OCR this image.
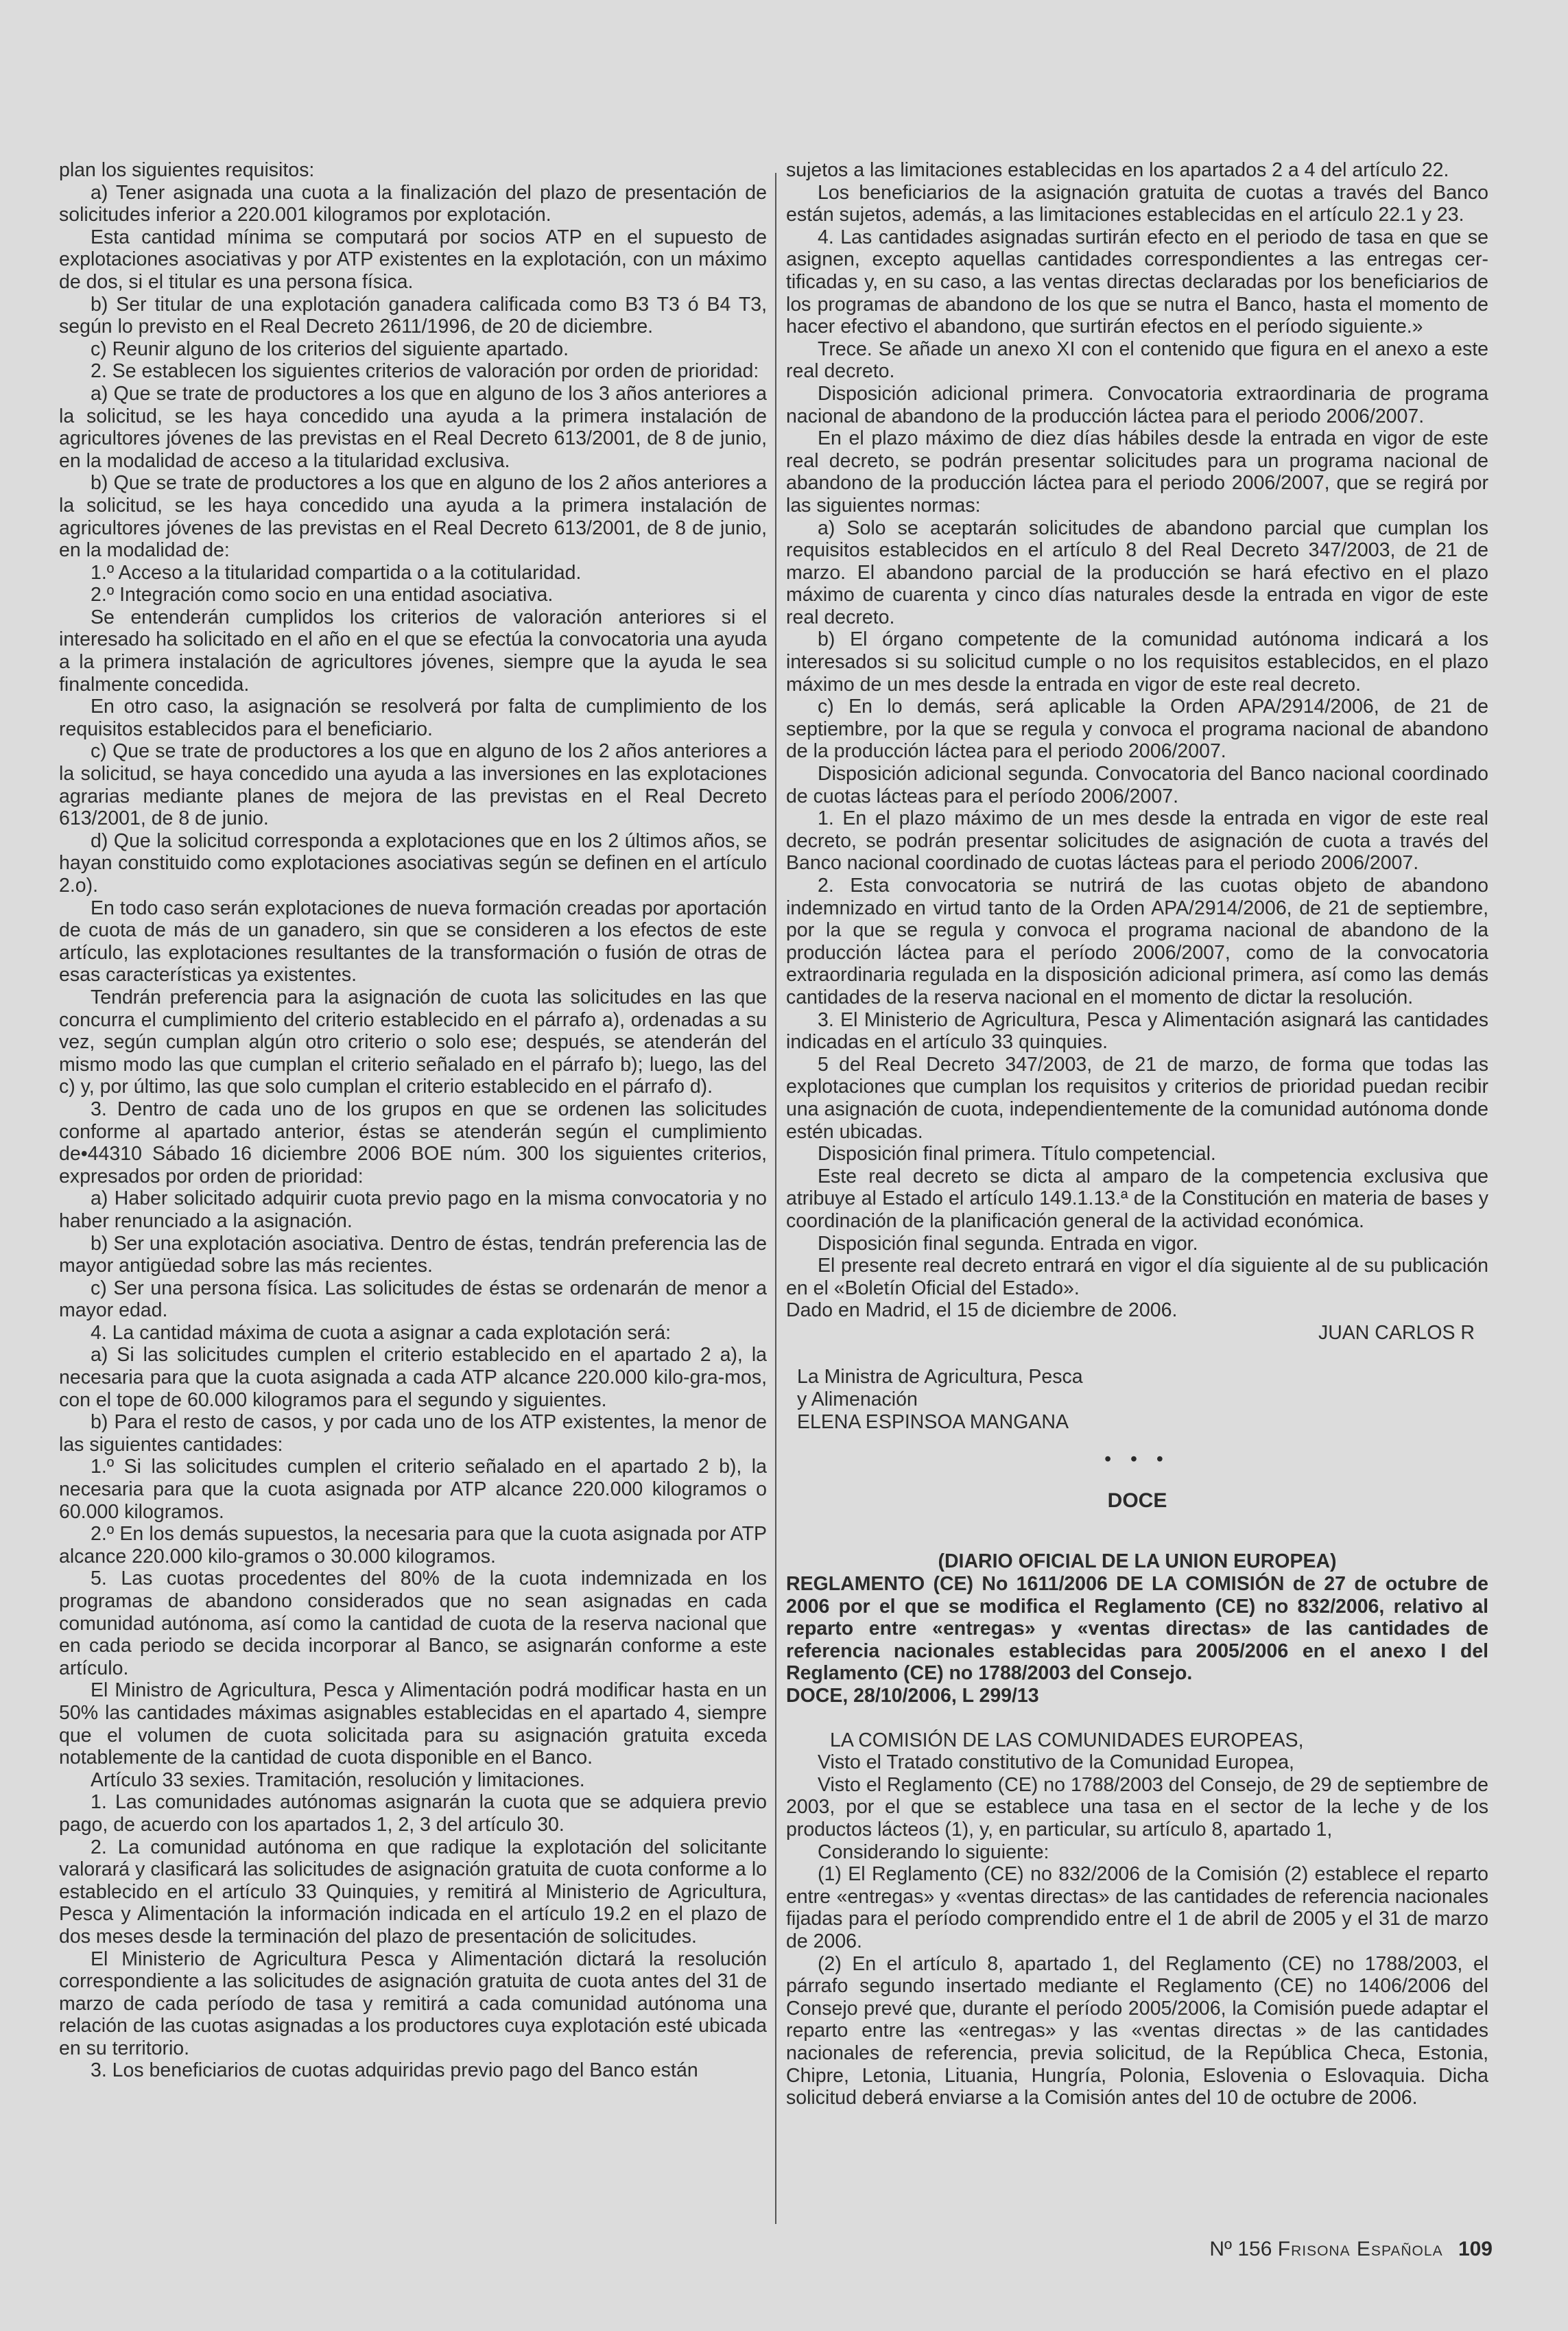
plan los siguientes requisitos:

a) Tener asignada una cuota a la finalización del plazo de presentación de solicitudes inferior a 220.001 kilogramos por explotación.

Esta cantidad mínima se computará por socios ATP en el supuesto de explotaciones asociativas y por ATP existentes en la explotación, con un máximo de dos, si el titular es una persona física.

b) Ser titular de una explotación ganadera calificada como B3 T3 ó B4 T3, según lo previsto en el Real Decreto 2611/1996, de 20 de diciembre.

c) Reunir alguno de los criterios del siguiente apartado.

2. Se establecen los siguientes criterios de valoración por orden de prioridad:

a) Que se trate de productores a los que en alguno de los 3 años anteriores a la solicitud, se les haya concedido una ayuda a la primera instalación de agricultores jóvenes de las previstas en el Real Decreto 613/2001, de 8 de junio, en la modalidad de acceso a la titularidad exclusiva.

b) Que se trate de productores a los que en alguno de los 2 años anteriores a la solicitud, se les haya concedido una ayuda a la primera instalación de agricultores jóvenes de las previstas en el Real Decreto 613/2001, de 8 de junio, en la modalidad de:

1.º Acceso a la titularidad compartida o a la cotitularidad.

2.º Integración como socio en una entidad asociativa.

Se entenderán cumplidos los criterios de valoración anteriores si el interesado ha solicitado en el año en el que se efectúa la convocatoria una ayuda a la primera instalación de agricultores jóvenes, siempre que la ayuda le sea finalmente concedida.

En otro caso, la asignación se resolverá por falta de cumplimiento de los requisitos establecidos para el beneficiario.

c) Que se trate de productores a los que en alguno de los 2 años anteriores a la solicitud, se haya concedido una ayuda a las inversiones en las explotaciones agrarias mediante planes de mejora de las previstas en el Real Decreto 613/2001, de 8 de junio.

d) Que la solicitud corresponda a explotaciones que en los 2 últimos años, se hayan constituido como explotaciones asociativas según se definen en el artículo 2.o).

En todo caso serán explotaciones de nueva formación creadas por aportación de cuota de más de un ganadero, sin que se consideren a los efectos de este artículo, las explotaciones resultantes de la transformación o fusión de otras de esas características ya existentes.

Tendrán preferencia para la asignación de cuota las solicitudes en las que concurra el cumplimiento del criterio establecido en el párrafo a), ordenadas a su vez, según cumplan algún otro criterio o solo ese; después, se atenderán del mismo modo las que cumplan el criterio señalado en el párrafo b); luego, las del c) y, por último, las que solo cumplan el criterio establecido en el párrafo d).

3. Dentro de cada uno de los grupos en que se ordenen las solicitudes conforme al apartado anterior, éstas se atenderán según el cumplimiento de•44310 Sábado 16 diciembre 2006 BOE núm. 300 los siguientes criterios, expresados por orden de prioridad:

a) Haber solicitado adquirir cuota previo pago en la misma convocatoria y no haber renunciado a la asignación.

b) Ser una explotación asociativa. Dentro de éstas, tendrán preferencia las de mayor antigüedad sobre las más recientes.

c) Ser una persona física. Las solicitudes de éstas se ordenarán de menor a mayor edad.

4. La cantidad máxima de cuota a asignar a cada explotación será:

a) Si las solicitudes cumplen el criterio establecido en el apartado 2 a), la necesaria para que la cuota asignada a cada ATP alcance 220.000 kilo-gra-mos, con el tope de 60.000 kilogramos para el segundo y siguientes.

b) Para el resto de casos, y por cada uno de los ATP existentes, la menor de las siguientes cantidades:

1.º Si las solicitudes cumplen el criterio señalado en el apartado 2 b), la necesaria para que la cuota asignada por ATP alcance 220.000 kilogramos o 60.000 kilogramos.

2.º En los demás supuestos, la necesaria para que la cuota asignada por ATP alcance 220.000 kilo-gramos o 30.000 kilogramos.

5. Las cuotas procedentes del 80% de la cuota indemnizada en los programas de abandono considerados que no sean asignadas en cada comunidad autónoma, así como la cantidad de cuota de la reserva nacional que en cada periodo se decida incorporar al Banco, se asignarán conforme a este artículo.

El Ministro de Agricultura, Pesca y Alimentación podrá modificar hasta en un 50% las cantidades máximas asignables establecidas en el apartado 4, siempre que el volumen de cuota solicitada para su asignación gratuita exceda notablemente de la cantidad de cuota disponible en el Banco.

Artículo 33 sexies. Tramitación, resolución y limitaciones.

1. Las comunidades autónomas asignarán la cuota que se adquiera previo pago, de acuerdo con los apartados 1, 2, 3 del artículo 30.

2. La comunidad autónoma en que radique la explotación del solicitante valorará y clasificará las solicitudes de asignación gratuita de cuota conforme a lo establecido en el artículo 33 Quinquies, y remitirá al Ministerio de Agricultura, Pesca y Alimentación la información indicada en el artículo 19.2 en el plazo de dos meses desde la terminación del plazo de presentación de solicitudes.

El Ministerio de Agricultura Pesca y Alimentación dictará la resolución correspondiente a las solicitudes de asignación gratuita de cuota antes del 31 de marzo de cada período de tasa y remitirá a cada comunidad autónoma una relación de las cuotas asignadas a los productores cuya explotación esté ubicada en su territorio.

3. Los beneficiarios de cuotas adquiridas previo pago del Banco están

sujetos a las limitaciones establecidas en los apartados 2 a 4 del artículo 22.

Los beneficiarios de la asignación gratuita de cuotas a través del Banco están sujetos, además, a las limitaciones establecidas en el artículo 22.1 y 23.

4. Las cantidades asignadas surtirán efecto en el periodo de tasa en que se asignen, excepto aquellas cantidades correspondientes a las entregas cer-tificadas y, en su caso, a las ventas directas declaradas por los beneficiarios de los programas de abandono de los que se nutra el Banco, hasta el momento de hacer efectivo el abandono, que surtirán efectos en el período siguiente.»

Trece. Se añade un anexo XI con el contenido que figura en el anexo a este real decreto.

Disposición adicional primera. Convocatoria extraordinaria de programa nacional de abandono de la producción láctea para el periodo 2006/2007.

En el plazo máximo de diez días hábiles desde la entrada en vigor de este real decreto, se podrán presentar solicitudes para un programa nacional de abandono de la producción láctea para el periodo 2006/2007, que se regirá por las siguientes normas:

a) Solo se aceptarán solicitudes de abandono parcial que cumplan los requisitos establecidos en el artículo 8 del Real Decreto 347/2003, de 21 de marzo. El abandono parcial de la producción se hará efectivo en el plazo máximo de cuarenta y cinco días naturales desde la entrada en vigor de este real decreto.

b) El órgano competente de la comunidad autónoma indicará a los interesados si su solicitud cumple o no los requisitos establecidos, en el plazo máximo de un mes desde la entrada en vigor de este real decreto.

c) En lo demás, será aplicable la Orden APA/2914/2006, de 21 de septiembre, por la que se regula y convoca el programa nacional de abandono de la producción láctea para el periodo 2006/2007.

Disposición adicional segunda. Convocatoria del Banco nacional coordinado de cuotas lácteas para el período 2006/2007.

1. En el plazo máximo de un mes desde la entrada en vigor de este real decreto, se podrán presentar solicitudes de asignación de cuota a través del Banco nacional coordinado de cuotas lácteas para el periodo 2006/2007.

2. Esta convocatoria se nutrirá de las cuotas objeto de abandono indemnizado en virtud tanto de la Orden APA/2914/2006, de 21 de septiembre, por la que se regula y convoca el programa nacional de abandono de la producción láctea para el período 2006/2007, como de la convocatoria extraordinaria regulada en la disposición adicional primera, así como las demás cantidades de la reserva nacional en el momento de dictar la resolución.

3. El Ministerio de Agricultura, Pesca y Alimentación asignará las cantidades indicadas en el artículo 33 quinquies.

5 del Real Decreto 347/2003, de 21 de marzo, de forma que todas las explotaciones que cumplan los requisitos y criterios de prioridad puedan recibir una asignación de cuota, independientemente de la comunidad autónoma donde estén ubicadas.

Disposición final primera. Título competencial.

Este real decreto se dicta al amparo de la competencia exclusiva que atribuye al Estado el artículo 149.1.13.ª de la Constitución en materia de bases y coordinación de la planificación general de la actividad económica.

Disposición final segunda. Entrada en vigor.

El presente real decreto entrará en vigor el día siguiente al de su publicación en el «Boletín Oficial del Estado».

Dado en Madrid, el 15 de diciembre de 2006.

JUAN CARLOS R

La Ministra de Agricultura, Pesca

y Alimenación

ELENA ESPINSOA MANGANA

• • •

DOCE

(DIARIO OFICIAL DE LA UNION EUROPEA)

REGLAMENTO (CE) No 1611/2006 DE LA COMISIÓN de 27 de octubre de 2006 por el que se modifica el Reglamento (CE) no 832/2006, relativo al reparto entre «entregas» y «ventas directas» de las cantidades de referencia nacionales establecidas para 2005/2006 en el anexo I del Reglamento (CE) no 1788/2003 del Consejo.

DOCE, 28/10/2006, L 299/13

LA COMISIÓN DE LAS COMUNIDADES EUROPEAS,

Visto el Tratado constitutivo de la Comunidad Europea,

Visto el Reglamento (CE) no 1788/2003 del Consejo, de 29 de septiembre de 2003, por el que se establece una tasa en el sector de la leche y de los productos lácteos (1), y, en particular, su artículo 8, apartado 1,

Considerando lo siguiente:

(1) El Reglamento (CE) no 832/2006 de la Comisión (2) establece el reparto entre «entregas» y «ventas directas» de las cantidades de referencia nacionales fijadas para el período comprendido entre el 1 de abril de 2005 y el 31 de marzo de 2006.

(2) En el artículo 8, apartado 1, del Reglamento (CE) no 1788/2003, el párrafo segundo insertado mediante el Reglamento (CE) no 1406/2006 del Consejo prevé que, durante el período 2005/2006, la Comisión puede adaptar el reparto entre las «entregas» y las «ventas directas » de las cantidades nacionales de referencia, previa solicitud, de la República Checa, Estonia, Chipre, Letonia, Lituania, Hungría, Polonia, Eslovenia o Eslovaquia. Dicha solicitud deberá enviarse a la Comisión antes del 10 de octubre de 2006.

Nº 156 Frisona Española 109
